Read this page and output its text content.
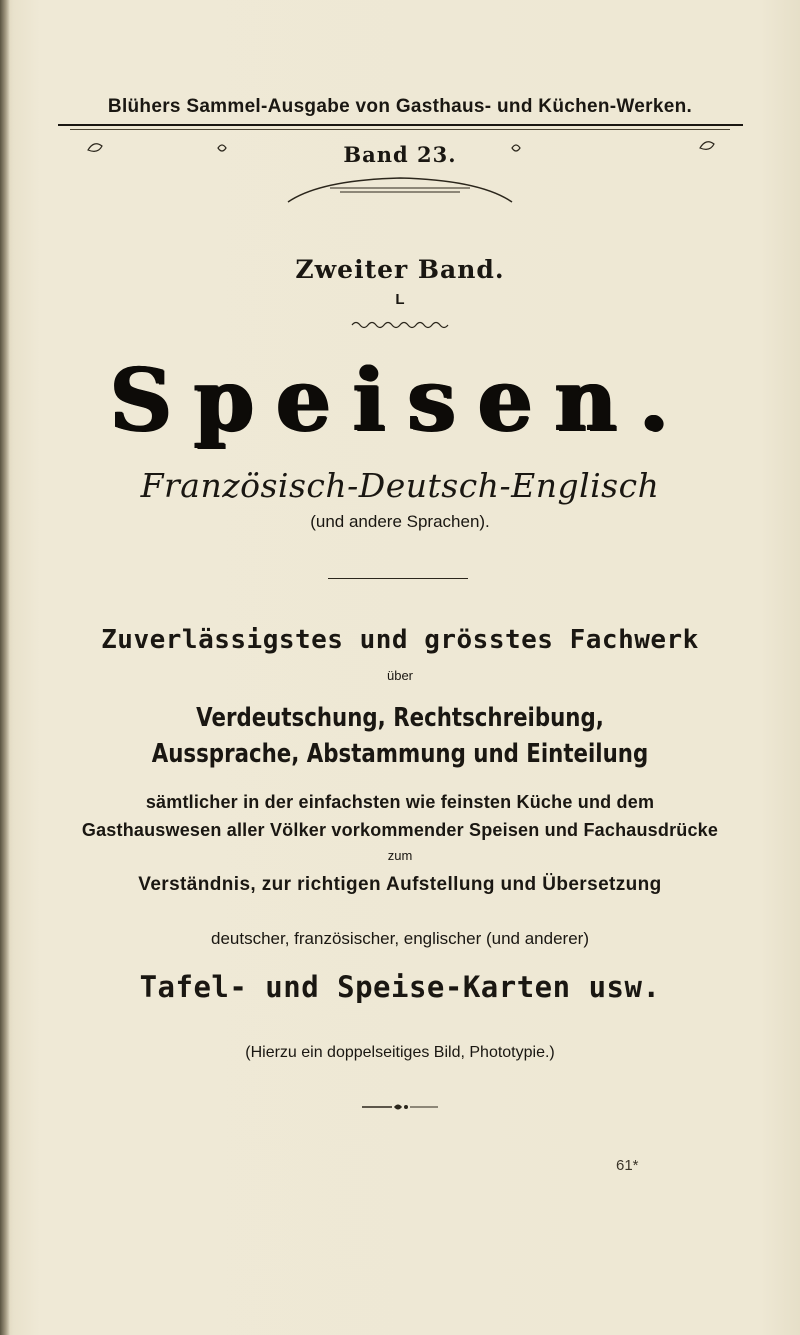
Blühers Sammel-Ausgabe von Gasthaus- und Küchen-Werken.
Band 23.
Zweiter Band.
L
Speisen.
Französisch-Deutsch-Englisch
(und andere Sprachen).
Zuverlässigstes und grösstes Fachwerk
über
Verdeutschung, Rechtschreibung,
Aussprache, Abstammung und Einteilung
sämtlicher in der einfachsten wie feinsten Küche und dem
Gasthauswesen aller Völker vorkommender Speisen und Fachausdrücke
zum
Verständnis, zur richtigen Aufstellung und Übersetzung
deutscher, französischer, englischer (und anderer)
Tafel- und Speise-Karten usw.
(Hierzu ein doppelseitiges Bild, Phototypie.)
61*
